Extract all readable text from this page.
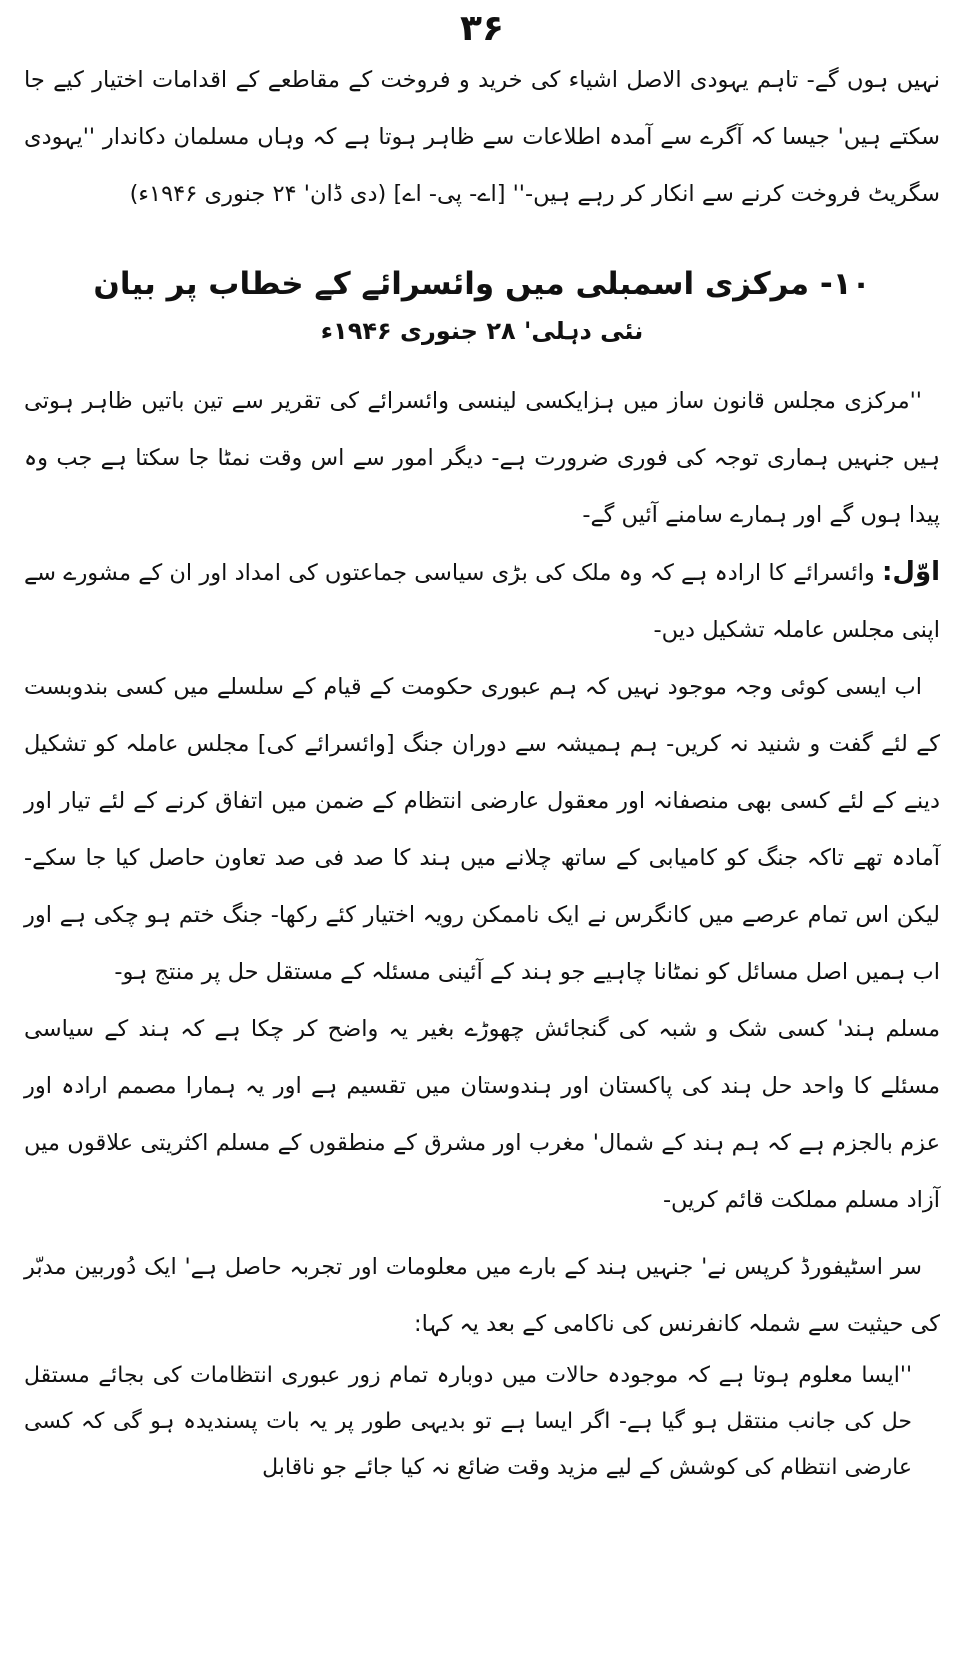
۳۶

نہیں ہوں گے- تاہم یہودی الاصل اشیاء کی خرید و فروخت کے مقاطعے کے اقدامات اختیار کیے جا سکتے ہیں' جیسا کہ آگرے سے آمدہ اطلاعات سے ظاہر ہوتا ہے کہ وہاں مسلمان دکاندار ''یہودی سگریٹ فروخت کرنے سے انکار کر رہے ہیں-'' [اے- پی- اے] (دی ڈان' ۲۴ جنوری ۱۹۴۶ء)

۱۰- مرکزی اسمبلی میں وائسرائے کے خطاب پر بیان
نئی دہلی' ۲۸ جنوری ۱۹۴۶ء

''مرکزی مجلس قانون ساز میں ہزایکسی لینسی وائسرائے کی تقریر سے تین باتیں ظاہر ہوتی ہیں جنہیں ہماری توجہ کی فوری ضرورت ہے- دیگر امور سے اس وقت نمٹا جا سکتا ہے جب وہ پیدا ہوں گے اور ہمارے سامنے آئیں گے-

اوّل: وائسرائے کا ارادہ ہے کہ وہ ملک کی بڑی سیاسی جماعتوں کی امداد اور ان کے مشورے سے اپنی مجلس عاملہ تشکیل دیں-

اب ایسی کوئی وجہ موجود نہیں کہ ہم عبوری حکومت کے قیام کے سلسلے میں کسی بندوبست کے لئے گفت و شنید نہ کریں- ہم ہمیشہ سے دوران جنگ [وائسرائے کی] مجلس عاملہ کو تشکیل دینے کے لئے کسی بھی منصفانہ اور معقول عارضی انتظام کے ضمن میں اتفاق کرنے کے لئے تیار اور آمادہ تھے تاکہ جنگ کو کامیابی کے ساتھ چلانے میں ہند کا صد فی صد تعاون حاصل کیا جا سکے- لیکن اس تمام عرصے میں کانگرس نے ایک ناممکن رویہ اختیار کئے رکھا- جنگ ختم ہو چکی ہے اور اب ہمیں اصل مسائل کو نمٹانا چاہیے جو ہند کے آئینی مسئلہ کے مستقل حل پر منتج ہو-

مسلم ہند' کسی شک و شبہ کی گنجائش چھوڑے بغیر یہ واضح کر چکا ہے کہ ہند کے سیاسی مسئلے کا واحد حل ہند کی پاکستان اور ہندوستان میں تقسیم ہے اور یہ ہمارا مصمم ارادہ اور عزم بالجزم ہے کہ ہم ہند کے شمال' مغرب اور مشرق کے منطقوں کے مسلم اکثریتی علاقوں میں آزاد مسلم مملکت قائم کریں-

سر اسٹیفورڈ کرپس نے' جنہیں ہند کے بارے میں معلومات اور تجربہ حاصل ہے' ایک دُوربین مدبّر کی حیثیت سے شملہ کانفرنس کی ناکامی کے بعد یہ کہا:

''ایسا معلوم ہوتا ہے کہ موجودہ حالات میں دوبارہ تمام زور عبوری انتظامات کی بجائے مستقل حل کی جانب منتقل ہو گیا ہے- اگر ایسا ہے تو بدیہی طور پر یہ بات پسندیدہ ہو گی کہ کسی عارضی انتظام کی کوشش کے لیے مزید وقت ضائع نہ کیا جائے جو ناقابل
